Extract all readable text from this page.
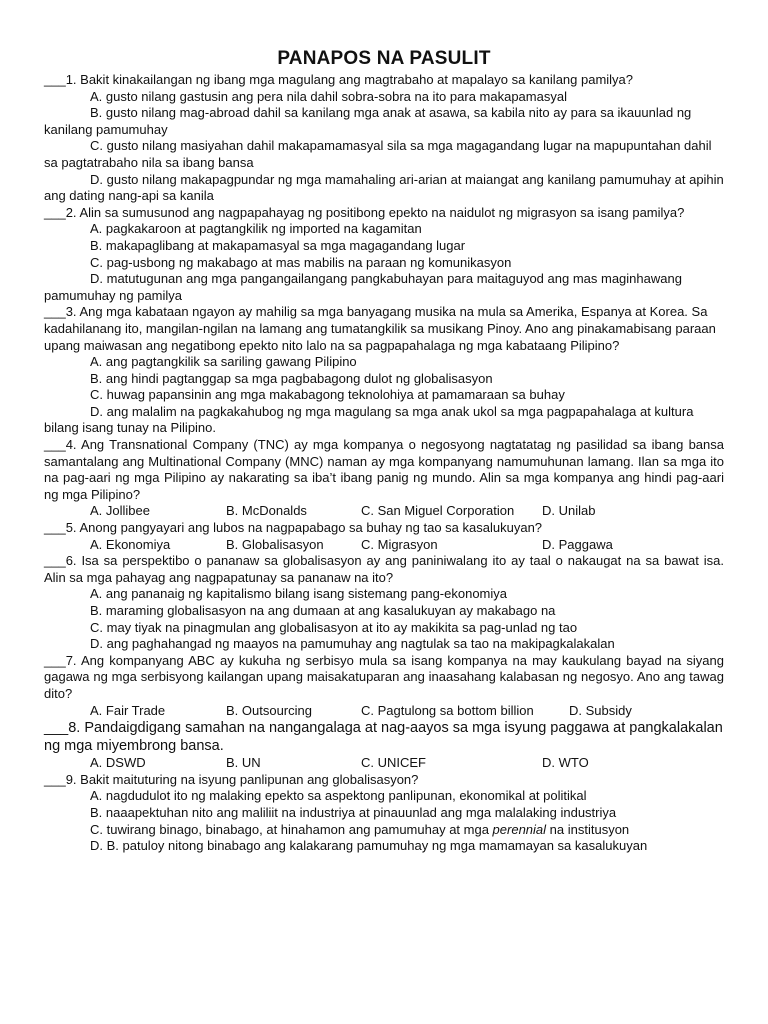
PANAPOS NA PASULIT

___1. Bakit kinakailangan ng ibang mga magulang ang magtrabaho at mapalayo sa kanilang pamilya?

A. gusto nilang gastusin ang pera nila dahil sobra-sobra na ito para makapamasyal

B. gusto nilang mag-abroad dahil sa kanilang mga anak at asawa, sa kabila nito ay para sa ikauunlad ng kanilang pamumuhay

C. gusto nilang masiyahan dahil makapamamasyal sila sa mga magagandang lugar na mapupuntahan dahil sa pagtatrabaho nila sa ibang bansa

D. gusto nilang makapagpundar ng mga mamahaling ari-arian at maiangat ang kanilang pamumuhay at apihin ang dating nang-api sa kanila

___2. Alin sa sumusunod ang nagpapahayag ng positibong epekto na naidulot ng migrasyon sa isang pamilya?

A. pagkakaroon at pagtangkilik ng imported na kagamitan

B. makapaglibang at makapamasyal sa mga magagandang lugar

C. pag-usbong ng makabago at mas mabilis na paraan ng komunikasyon

D. matutugunan ang mga pangangailangang pangkabuhayan para maitaguyod ang mas maginhawang pamumuhay ng pamilya

___3. Ang mga kabataan ngayon ay mahilig sa mga banyagang musika na mula sa Amerika, Espanya at Korea. Sa kadahilanang ito, mangilan-ngilan na lamang ang tumatangkilik sa musikang Pinoy. Ano ang pinakamabisang paraan upang maiwasan ang negatibong epekto nito lalo na sa pagpapahalaga ng mga kabataang Pilipino?

A. ang pagtangkilik sa sariling gawang Pilipino

B. ang hindi pagtanggap sa mga pagbabagong dulot ng globalisasyon

C. huwag papansinin ang mga makabagong teknolohiya at pamamaraan sa buhay

D. ang malalim na pagkakahubog ng mga magulang sa mga anak ukol sa mga pagpapahalaga at kultura bilang isang tunay na Pilipino.

___4. Ang Transnational Company (TNC) ay mga kompanya o negosyong nagtatatag ng pasilidad sa ibang bansa samantalang ang Multinational Company (MNC) naman ay mga kompanyang namumuhunan lamang. Ilan sa mga ito na pag-aari ng mga Pilipino ay nakarating sa iba’t ibang panig ng mundo. Alin sa mga kompanya ang hindi pag-aari ng mga Pilipino?

A. Jollibee	B. McDonalds	C. San Miguel Corporation	D. Unilab

___5. Anong pangyayari ang lubos na nagpapabago sa buhay ng tao sa kasalukuyan?

A. Ekonomiya	B. Globalisasyon	C. Migrasyon	D. Paggawa

___6. Isa sa perspektibo o pananaw sa globalisasyon ay ang paniniwalang ito ay taal o nakaugat na sa bawat isa. Alin sa mga pahayag ang nagpapatunay sa pananaw na ito?

A. ang pananaig ng kapitalismo bilang isang sistemang pang-ekonomiya

B. maraming globalisasyon na ang dumaan at ang kasalukuyan ay makabago na

C. may tiyak na pinagmulan ang globalisasyon at ito ay makikita sa pag-unlad ng tao

D. ang paghahangad ng maayos na pamumuhay ang nagtulak sa tao na makipagkalakalan

___7. Ang kompanyang ABC ay kukuha ng serbisyo mula sa isang kompanya na may kaukulang bayad na siyang gagawa ng mga serbisyong kailangan upang maisakatuparan ang inaasahang kalabasan ng negosyo. Ano ang tawag dito?

A. Fair Trade	B. Outsourcing	C. Pagtulong sa bottom billion	D. Subsidy

___8. Pandaigdigang samahan na nangangalaga at nag-aayos sa mga isyung paggawa at pangkalakalan ng mga miyembrong bansa.

A. DSWD	B. UN	C. UNICEF	D. WTO

___9. Bakit maituturing na isyung panlipunan ang globalisasyon?

A. nagdudulot ito ng malaking epekto sa aspektong panlipunan, ekonomikal at politikal

B. naaapektuhan nito ang maliliit na industriya at pinauunlad ang mga malalaking industriya

C. tuwirang binago, binabago, at hinahamon ang pamumuhay at mga perennial na institusyon

D. B. patuloy nitong binabago ang kalakarang pamumuhay ng mga mamamayan sa kasalukuyan
